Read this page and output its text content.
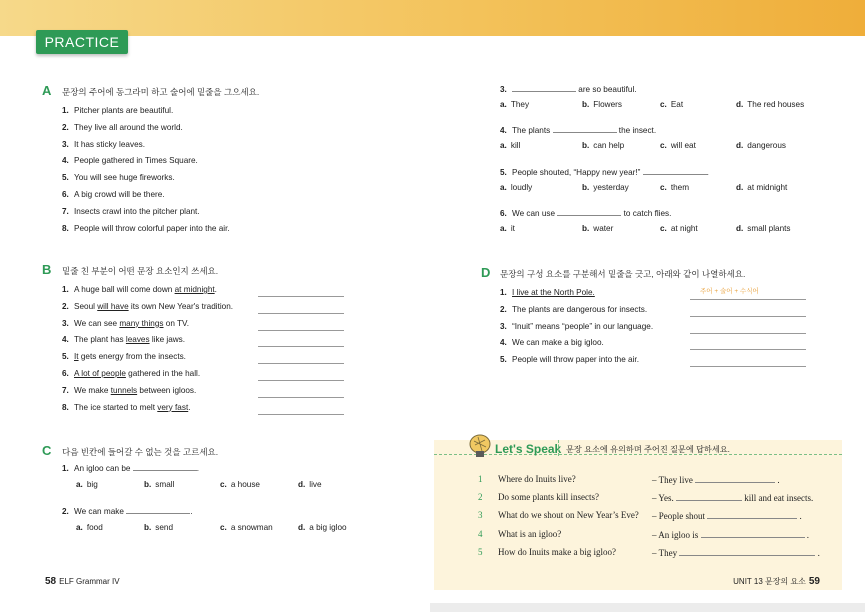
PRACTICE
A 문장의 주어에 동그라미 하고 술어에 밑줄을 그으세요.
1. Pitcher plants are beautiful.
2. They live all around the world.
3. It has sticky leaves.
4. People gathered in Times Square.
5. You will see huge fireworks.
6. A big crowd will be there.
7. Insects crawl into the pitcher plant.
8. People will throw colorful paper into the air.
B 밑줄 친 부분이 어떤 문장 요소인지 쓰세요.
1. A huge ball will come down at midnight.
2. Seoul will have its own New Year's tradition.
3. We can see many things on TV.
4. The plant has leaves like jaws.
5. It gets energy from the insects.
6. A lot of people gathered in the hall.
7. We make tunnels between igloos.
8. The ice started to melt very fast.
C 다음 빈칸에 들어갈 수 없는 것을 고르세요.
1. An igloo can be	.
a. big	b. small	c. a house	d. live
2. We can make	.
a. food	b. send	c. a snowman	d. a big igloo
3.	are so beautiful.
a. They	b. Flowers	c. Eat	d. The red houses
4. The plants	the insect.
a. kill	b. can help	c. will eat	d. dangerous
5. People shouted, “Happy new year!”	.
a. loudly	b. yesterday	c. them	d. at midnight
6. We can use	to catch flies.
a. it	b. water	c. at night	d. small plants
D 문장의 구성 요소를 구분해서 밑줄을 긋고, 아래와 같이 나열하세요.
주어 + 술어 + 수식어
1. I live at the North Pole.
2. The plants are dangerous for insects.
3. “Inuit” means “people” in our language.
4. We can make a big igloo.
5. People will throw paper into the air.
Let's Speak 문장 요소에 유의하며 주어진 질문에 답하세요.
1 Where do Inuits live?	– They live	.
2 Do some plants kill insects?	– Yes.	kill and eat insects.
3 What do we shout on New Year’s Eve? – People shout	.
4 What is an igloo?	– An igloo is	.
5 How do Inuits make a big igloo?	– They	.
58 ELF Grammar IV	UNIT 13 문장의 요소 59
